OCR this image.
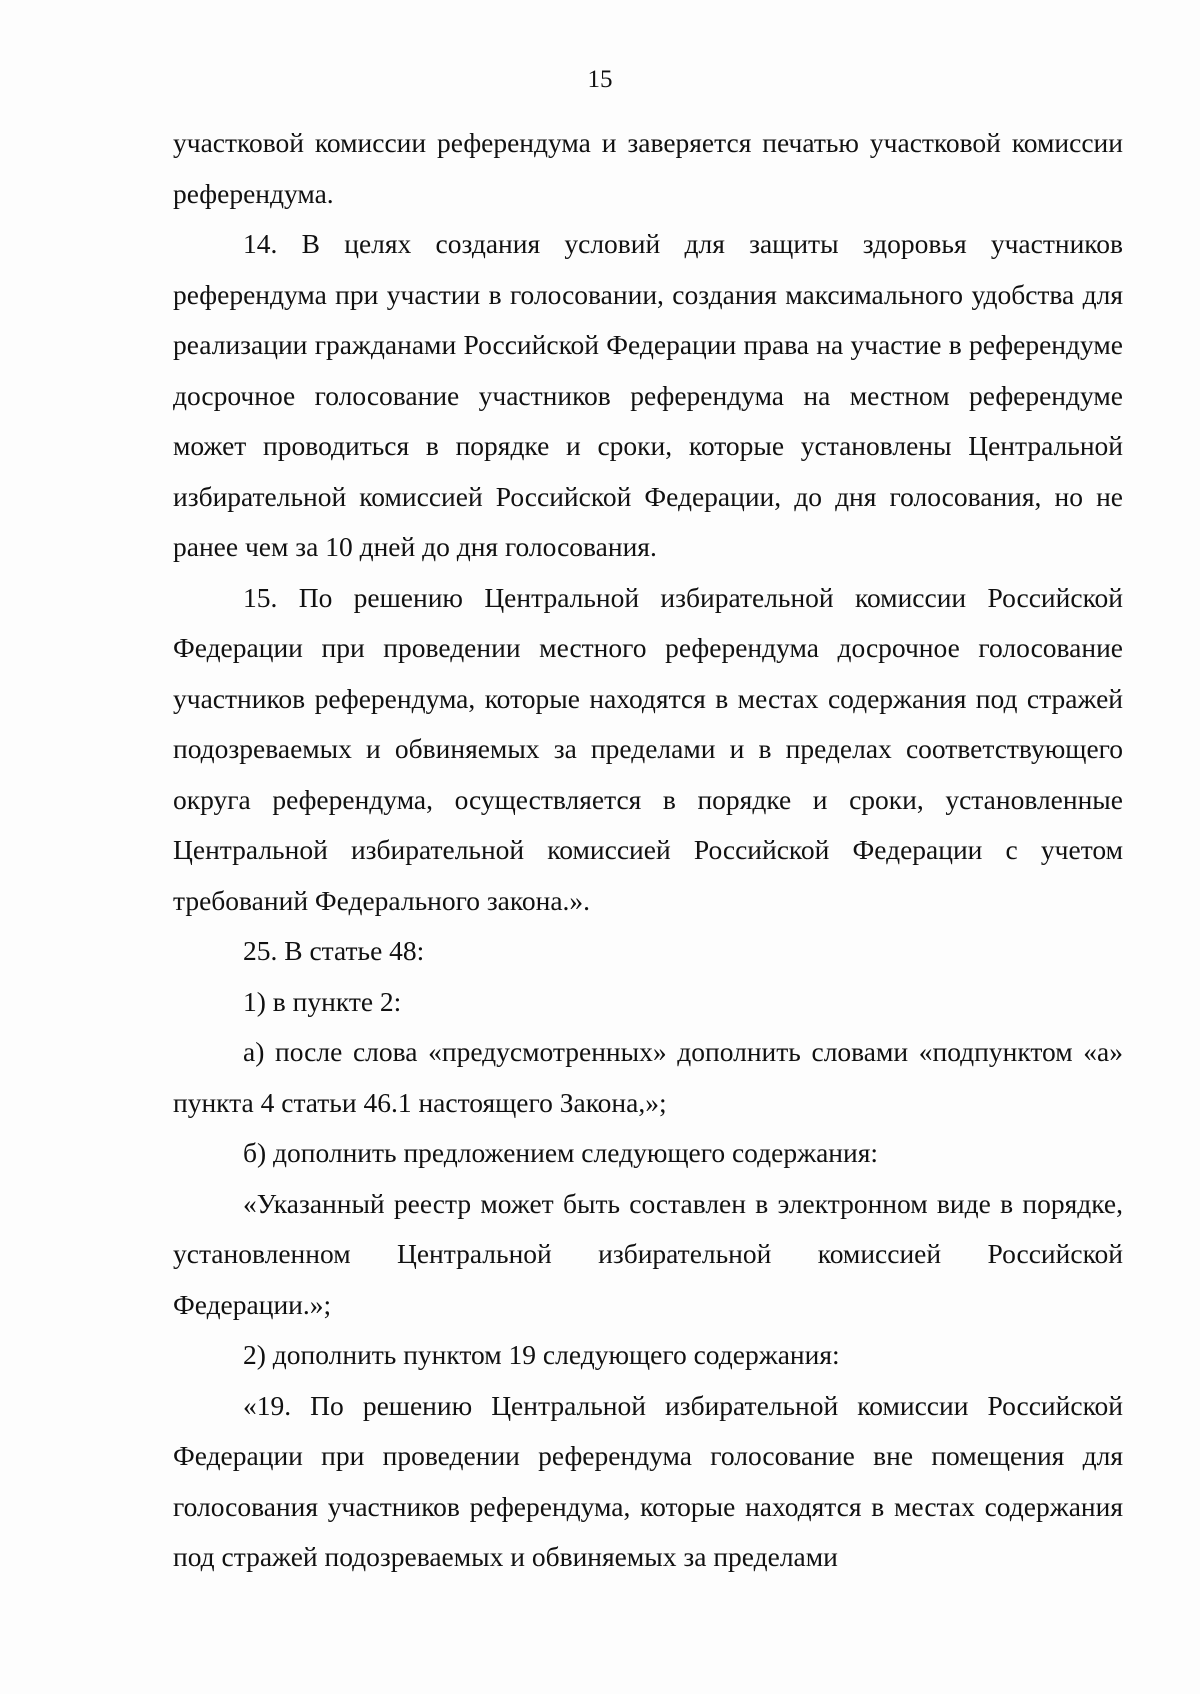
15

участковой комиссии референдума и заверяется печатью участковой комиссии референдума.

14. В целях создания условий для защиты здоровья участников референдума при участии в голосовании, создания максимального удобства для реализации гражданами Российской Федерации права на участие в референдуме досрочное голосование участников референдума на местном референдуме может проводиться в порядке и сроки, которые установлены Центральной избирательной комиссией Российской Федерации, до дня голосования, но не ранее чем за 10 дней до дня голосования.

15. По решению Центральной избирательной комиссии Российской Федерации при проведении местного референдума досрочное голосование участников референдума, которые находятся в местах содержания под стражей подозреваемых и обвиняемых за пределами и в пределах соответствующего округа референдума, осуществляется в порядке и сроки, установленные Центральной избирательной комиссией Российской Федерации с учетом требований Федерального закона.».

25. В статье 48:

1) в пункте 2:

а) после слова «предусмотренных» дополнить словами «подпунктом «а» пункта 4 статьи 46.1 настоящего Закона,»;

б) дополнить предложением следующего содержания:

«Указанный реестр может быть составлен в электронном виде в порядке, установленном Центральной избирательной комиссией Российской Федерации.»;

2) дополнить пунктом 19 следующего содержания:

«19. По решению Центральной избирательной комиссии Российской Федерации при проведении референдума голосование вне помещения для голосования участников референдума, которые находятся в местах содержания под стражей подозреваемых и обвиняемых за пределами
